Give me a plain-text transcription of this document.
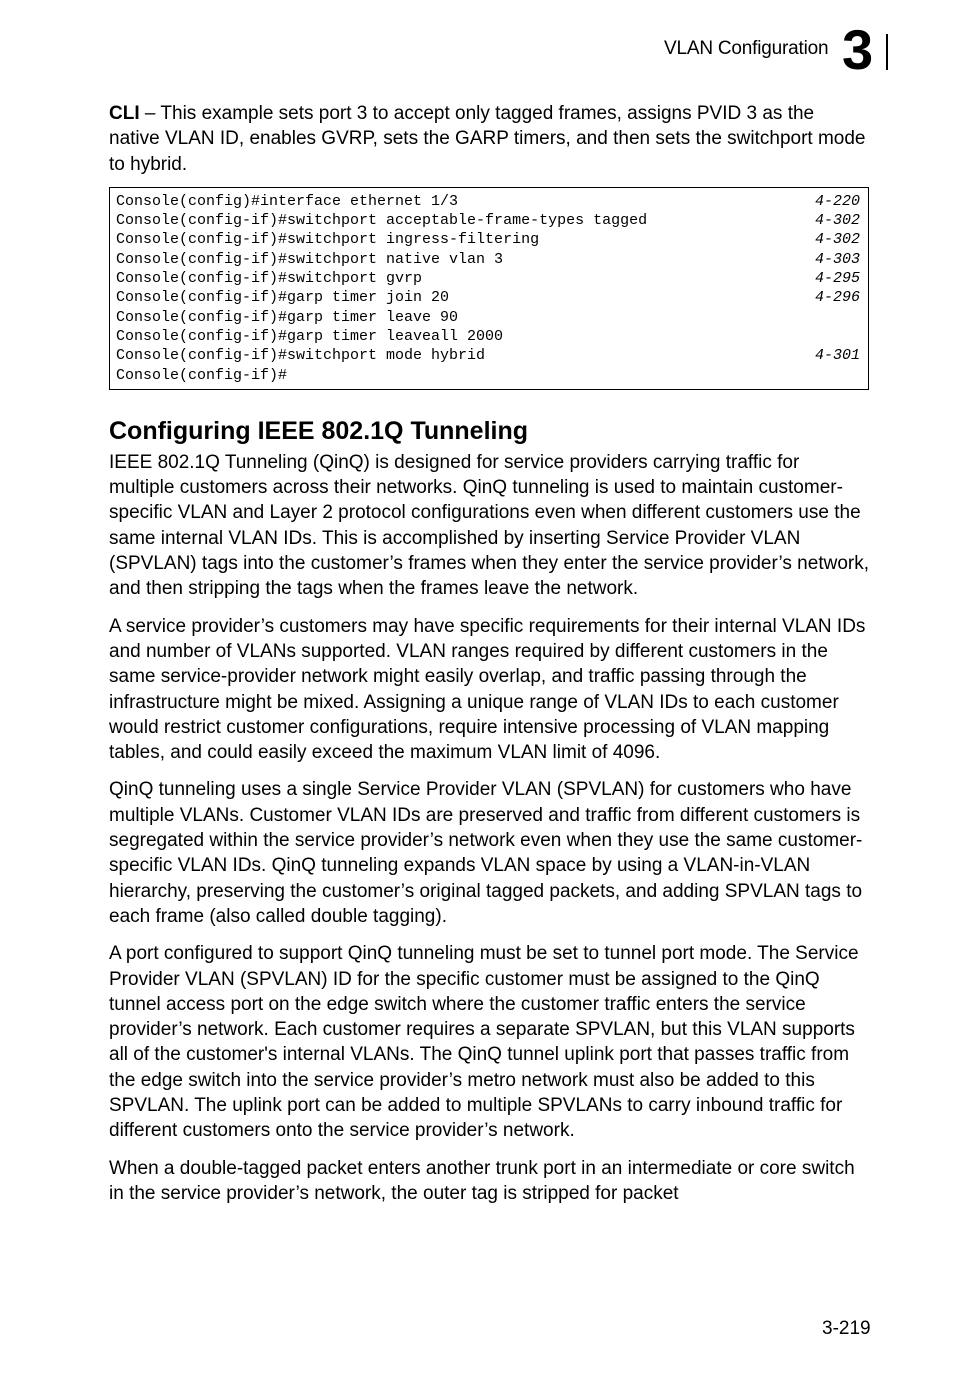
VLAN Configuration 3

CLI – This example sets port 3 to accept only tagged frames, assigns PVID 3 as the native VLAN ID, enables GVRP, sets the GARP timers, and then sets the switchport mode to hybrid.

Console(config)#interface ethernet 1/3	4-220
Console(config-if)#switchport acceptable-frame-types tagged	4-302
Console(config-if)#switchport ingress-filtering	4-302
Console(config-if)#switchport native vlan 3	4-303
Console(config-if)#switchport gvrp	4-295
Console(config-if)#garp timer join 20	4-296
Console(config-if)#garp timer leave 90
Console(config-if)#garp timer leaveall 2000
Console(config-if)#switchport mode hybrid	4-301
Console(config-if)#
Configuring IEEE 802.1Q Tunneling

IEEE 802.1Q Tunneling (QinQ) is designed for service providers carrying traffic for multiple customers across their networks. QinQ tunneling is used to maintain customer-specific VLAN and Layer 2 protocol configurations even when different customers use the same internal VLAN IDs. This is accomplished by inserting Service Provider VLAN (SPVLAN) tags into the customer’s frames when they enter the service provider’s network, and then stripping the tags when the frames leave the network.

A service provider’s customers may have specific requirements for their internal VLAN IDs and number of VLANs supported. VLAN ranges required by different customers in the same service-provider network might easily overlap, and traffic passing through the infrastructure might be mixed. Assigning a unique range of VLAN IDs to each customer would restrict customer configurations, require intensive processing of VLAN mapping tables, and could easily exceed the maximum VLAN limit of 4096.

QinQ tunneling uses a single Service Provider VLAN (SPVLAN) for customers who have multiple VLANs. Customer VLAN IDs are preserved and traffic from different customers is segregated within the service provider’s network even when they use the same customer-specific VLAN IDs. QinQ tunneling expands VLAN space by using a VLAN-in-VLAN hierarchy, preserving the customer’s original tagged packets, and adding SPVLAN tags to each frame (also called double tagging).

A port configured to support QinQ tunneling must be set to tunnel port mode. The Service Provider VLAN (SPVLAN) ID for the specific customer must be assigned to the QinQ tunnel access port on the edge switch where the customer traffic enters the service provider’s network. Each customer requires a separate SPVLAN, but this VLAN supports all of the customer's internal VLANs. The QinQ tunnel uplink port that passes traffic from the edge switch into the service provider’s metro network must also be added to this SPVLAN. The uplink port can be added to multiple SPVLANs to carry inbound traffic for different customers onto the service provider’s network.

When a double-tagged packet enters another trunk port in an intermediate or core switch in the service provider’s network, the outer tag is stripped for packet

3-219
